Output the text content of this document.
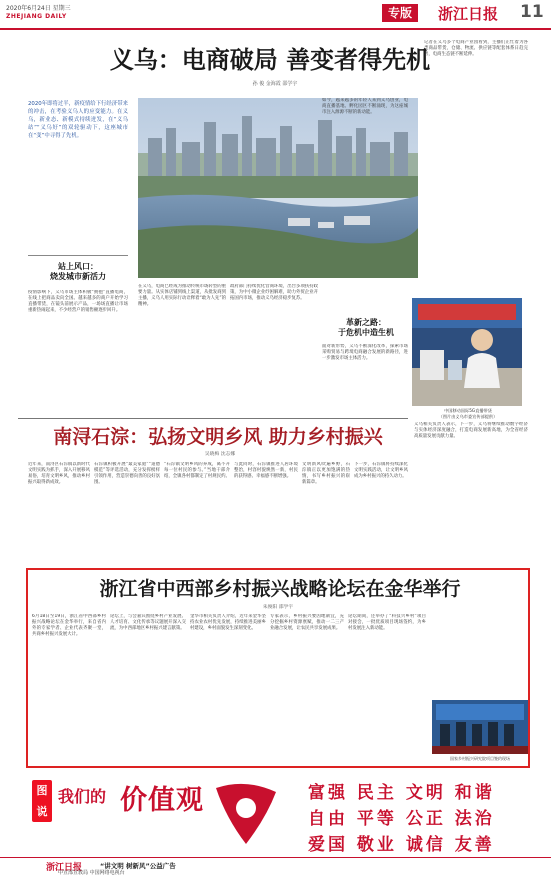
2020年6月24日 星期三
ZHEJIANG DAILY	专版	浙江日报 11
义乌：电商破局 善变者得先机
孙 俊 金海霞 邵学宇
2020年即将过半，新疫情给下行经济带来的冲击，在考验义乌人的应变能力。在义乌，新业态、新模式持续迸发，在“义乌站”“义乌好”的双轮驱动下，这座城市在“变”中寻得了先机。
站上风口：
烧发城市新活力
疫情影响下，义乌市场主体积极“拥抱”直播电商，在线上把商品卖向全国。越来越多的商户开始学习直播带货，在镜头前展示产品，一场场直播让市场重新热闹起来，不少经营户的销售额逐步回升。
在义乌，电商已经成为推动传统市场转型的重要力量。从实体店铺到线上渠道，从批发商到主播，义乌人用实际行动诠释着“敢为人先”的精神。
政府部门持续优化营商环境，出台多项扶持政策，为中小微企业纾困解难，助力外贸企业开拓国内市场，推动义乌经济稳步复苏。
革新之路：
于危机中造生机
面对新形势，义乌不断深化改革，探索市场采购贸易与跨境电商融合发展的新路径，进一步激发市场主体活力。
如今，越来越多的年轻人来到义乌创业，电商直播基地、孵化园区不断涌现，为这座城市注入源源不断的新动能。
记者在义乌多个电商产业园看到，主播们正忙着为各类商品带货，仓储、物流、供应链等配套体系日趋完善，电商生态链不断延伸。
中国移动国际5G直播带货
（图片由义乌市委宣传部提供）
义乌相关负责人表示，下一步，义乌将继续推动数字经济与实体经济深度融合，打造电商发展新高地，为全省经济高质量发展贡献力量。
南浔石淙：弘扬文明乡风 助力乡村振兴
吴晓梅 沈志娜
近年来，南浔区石淙镇以新时代文明实践为抓手，深入开展移风易俗，培育文明乡风，推动乡村振兴取得新成效。
石淙镇积极开展“最美家庭”“道德模范”等评选活动，充分发挥榜样引领作用，营造崇德向善的良好氛围。
“石淙镇文明乡风的养成，离不开每一位村民的参与。”当地干部介绍，全镇各村都制定了村规民约。
与此同时，石淙镇推进人居环境整治，村容村貌焕然一新，村民的获得感、幸福感不断增强。
文明新风吹遍乡野，石淙镇正以更加饱满的热情，书写乡村振兴的崭新篇章。
下一步，石淙镇将持续深化文明实践活动，让文明乡风成为乡村振兴的持久动力。
浙江省中西部乡村振兴战略论坛在金华举行
朱俊阳 邵学宇
6月18日至19日，浙江省中西部乡村振兴战略论坛在金华举行，来自省内外的专家学者、企业代表齐聚一堂，共商乡村振兴发展大计。
论坛上，与会嘉宾围绕乡村产业发展、人才培育、文化传承等议题展开深入交流，为中西部地区乡村振兴建言献策。
金华市相关负责人介绍，近年来金华坚持农业农村优先发展，持续推进美丽乡村建设，乡村面貌发生深刻变化。
专家表示，乡村振兴要因地制宜，充分挖掘乡村资源禀赋，推动一二三产业融合发展，让农民共享发展成果。
论坛期间，还举办了“科技兴乡村”项目对接会，一批优质项目现场签约，为乡村发展注入新动能。
国家乡村振兴研究院项目签约现场
图说
我们的 价值观	富强 民主 文明 和谐
自由 平等 公正 法治
爱国 敬业 诚信 友善
浙江日报	“讲文明 树新风”公益广告
中宣部宣教局 中国网络电视台
